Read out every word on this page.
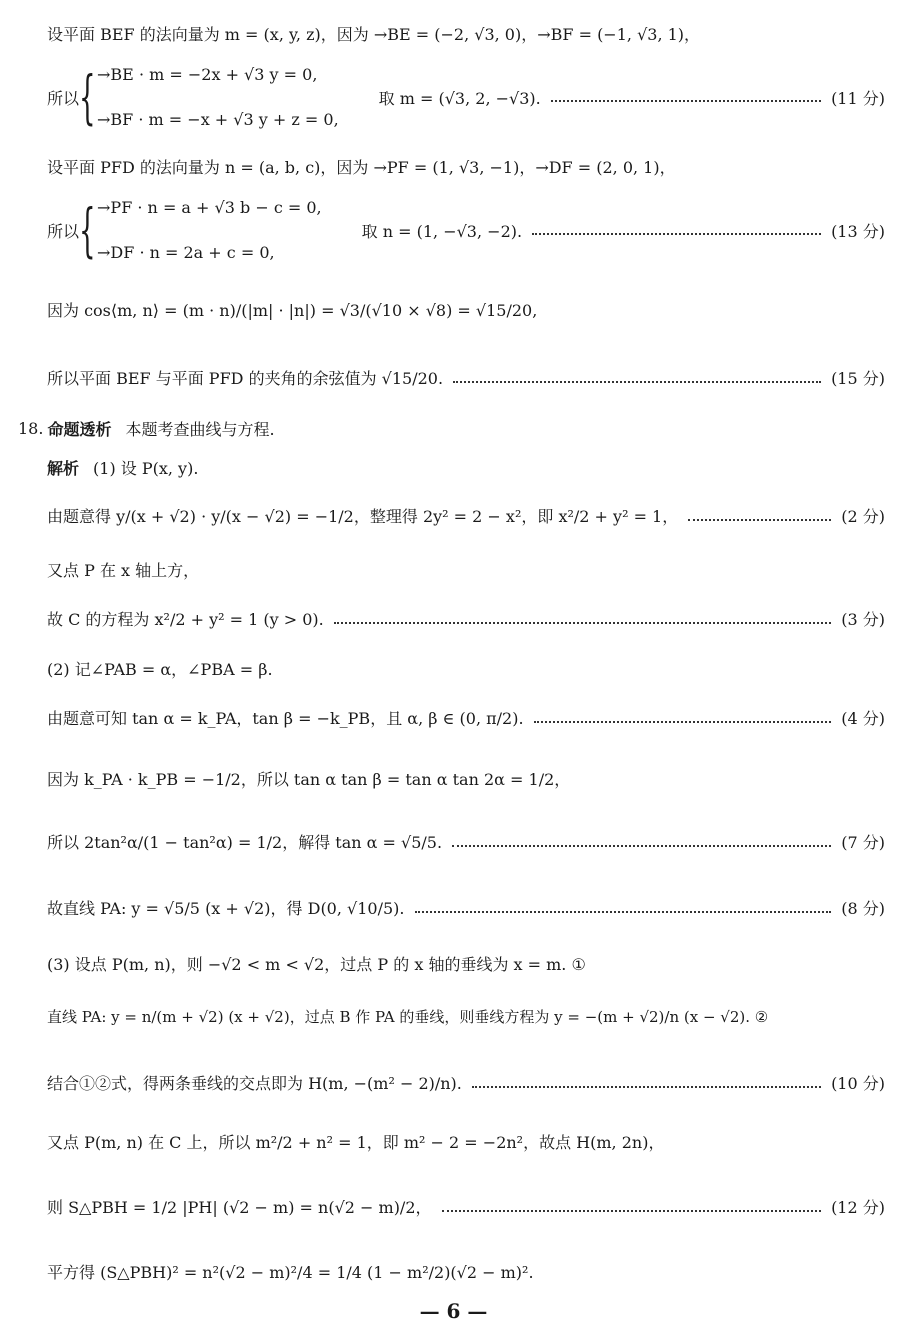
设平面 BEF 的法向量为 m = (x, y, z)，因为 →BE = (−2, √3, 0)，→BF = (−1, √3, 1)，
所以 { →BE · m = −2x + √3 y = 0,
→BF · m = −x + √3 y + z = 0,
取 m = (√3, 2, −√3).	(11 分)
设平面 PFD 的法向量为 n = (a, b, c)，因为 →PF = (1, √3, −1)，→DF = (2, 0, 1)，
所以 { →PF · n = a + √3 b − c = 0,
→DF · n = 2a + c = 0,
取 n = (1, −√3, −2).	(13 分)
因为 cos⟨m, n⟩ = (m · n)/(|m| · |n|) = √3/(√10 × √8) = √15/20,
所以平面 BEF 与平面 PFD 的夹角的余弦值为 √15/20.	(15 分)
18. 命题透析 本题考查曲线与方程.
解析 (1) 设 P(x, y).
由题意得 y/(x + √2) · y/(x − √2) = −1/2，整理得 2y² = 2 − x²，即 x²/2 + y² = 1，	(2 分)
又点 P 在 x 轴上方，
故 C 的方程为 x²/2 + y² = 1 (y > 0).	(3 分)
(2) 记∠PAB = α，∠PBA = β.
由题意可知 tan α = k_PA，tan β = −k_PB，且 α, β ∈ (0, π/2).	(4 分)
因为 k_PA · k_PB = −1/2，所以 tan α tan β = tan α tan 2α = 1/2，
所以 2tan²α/(1 − tan²α) = 1/2，解得 tan α = √5/5.	(7 分)
故直线 PA: y = √5/5 (x + √2)，得 D(0, √10/5).	(8 分)
(3) 设点 P(m, n)，则 −√2 < m < √2，过点 P 的 x 轴的垂线为 x = m. ①
直线 PA: y = n/(m + √2) (x + √2)，过点 B 作 PA 的垂线，则垂线方程为 y = −(m + √2)/n (x − √2). ②
结合①②式，得两条垂线的交点即为 H(m, −(m² − 2)/n).	(10 分)
又点 P(m, n) 在 C 上，所以 m²/2 + n² = 1，即 m² − 2 = −2n²，故点 H(m, 2n)，
则 S△PBH = 1/2 |PH| (√2 − m) = n(√2 − m)/2，	(12 分)
平方得 (S△PBH)² = n²(√2 − m)²/4 = 1/4 (1 − m²/2)(√2 − m)².
— 6 —
